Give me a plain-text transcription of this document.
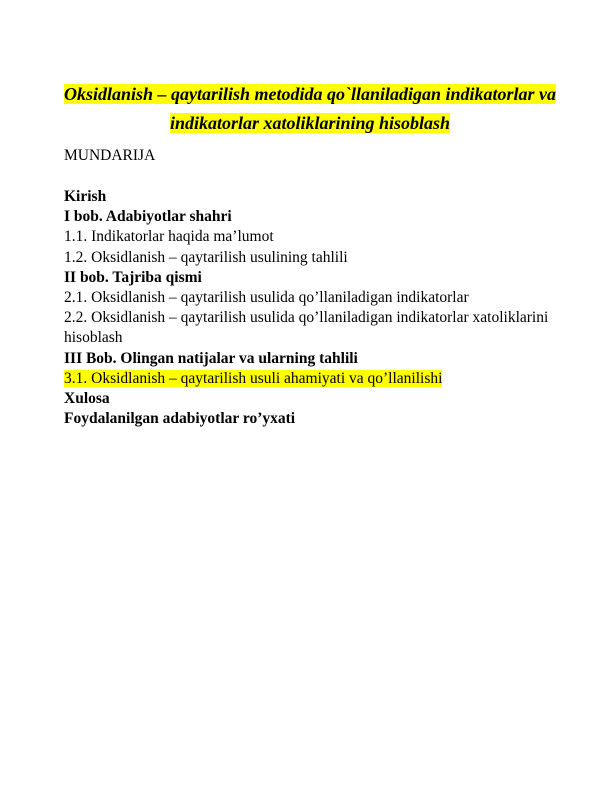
Oksidlanish – qaytarilish metodida qo`llaniladigan indikatorlar va
indikatorlar xatoliklarining hisoblash
MUNDARIJA
Kirish
I bob. Adabiyotlar shahri
1.1. Indikatorlar haqida ma’lumot
1.2. Oksidlanish – qaytarilish usulining tahlili
II bob. Tajriba qismi
2.1. Oksidlanish – qaytarilish usulida qo’llaniladigan indikatorlar
2.2. Oksidlanish – qaytarilish usulida qo’llaniladigan indikatorlar xatoliklarini hisoblash
III Bob. Olingan natijalar va ularning tahlili
3.1. Oksidlanish – qaytarilish usuli ahamiyati va qo’llanilishi
Xulosa
Foydalanilgan adabiyotlar ro’yxati
